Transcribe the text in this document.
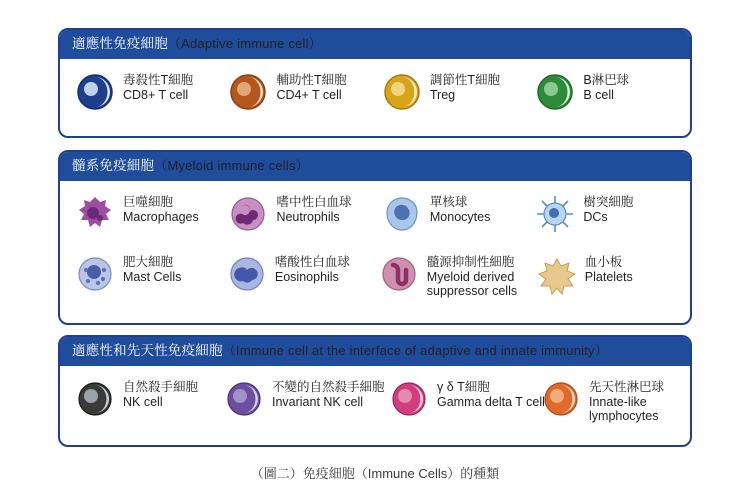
適應性免疫細胞（Adaptive immune cell）
毒殺性T細胞
CD8+ T cell
輔助性T細胞
CD4+ T cell
調節性T細胞
Treg
B淋巴球
B cell
髓系免疫細胞（Myeloid immune cells）
巨噬細胞
Macrophages
嗜中性白血球
Neutrophils
單核球
Monocytes
樹突細胞
DCs
肥大細胞
Mast Cells
嗜酸性白血球
Eosinophils
髓源抑制性細胞
Myeloid derived suppressor cells
血小板
Platelets
適應性和先天性免疫細胞（Immune cell at the interface of adaptive and innate immunity）
自然殺手細胞
NK cell
不變的自然殺手細胞
Invariant NK cell
γ δ T細胞
Gamma delta T cell
先天性淋巴球
Innate-like lymphocytes
（圖二）免疫細胞（Immune Cells）的種類
